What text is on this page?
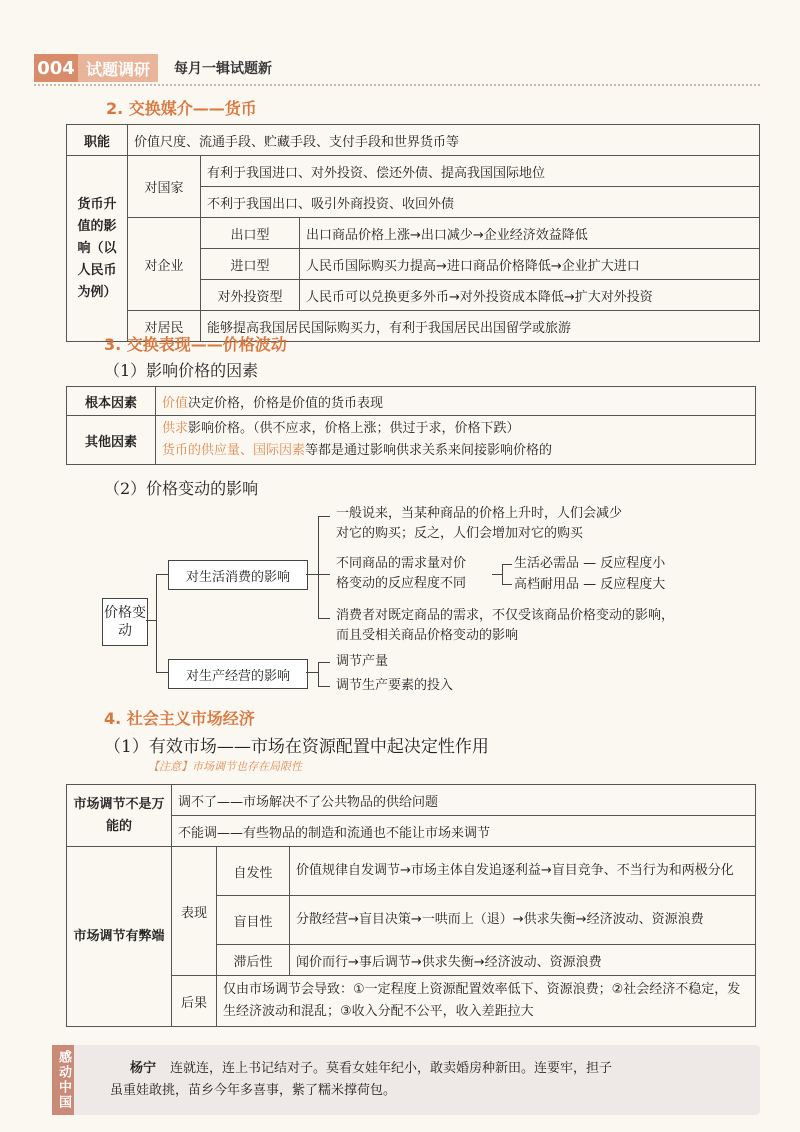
004 试题调研	每月一辑试题新
2. 交换媒介——货币
职能	价值尺度、流通手段、贮藏手段、支付手段和世界货币等		
货币升值的影响（以人民币为例）	对国家	有利于我国进口、对外投资、偿还外债、提高我国国际地位	
		不利于我国出口、吸引外商投资、收回外债	
	对企业	出口型	出口商品价格上涨→出口减少→企业经济效益降低
		进口型	人民币国际购买力提高→进口商品价格降低→企业扩大进口
		对外投资型	人民币可以兑换更多外币→对外投资成本降低→扩大对外投资
	对居民	能够提高我国居民国际购买力，有利于我国居民出国留学或旅游	
3. 交换表现——价格波动
（1）影响价格的因素
根本因素	价值决定价格，价格是价值的货币表现
其他因素	供求影响价格。（供不应求，价格上涨；供过于求，价格下跌）
货币的供应量、国际因素等都是通过影响供求关系来间接影响价格的
（2）价格变动的影响
价格变动
对生活消费的影响
对生产经营的影响
一般说来，当某种商品的价格上升时，人们会减少
对它的购买；反之，人们会增加对它的购买
不同商品的需求量对价
格变动的反应程度不同
生活必需品 — 反应程度小
高档耐用品 — 反应程度大
消费者对既定商品的需求，不仅受该商品价格变动的影响，
而且受相关商品价格变动的影响
调节产量
调节生产要素的投入
4. 社会主义市场经济
（1）有效市场——市场在资源配置中起决定性作用
【注意】市场调节也存在局限性
市场调节不是万能的	调不了——市场解决不了公共物品的供给问题		
	不能调——有些物品的制造和流通也不能让市场来调节		
市场调节有弊端	表现	自发性	价值规律自发调节→市场主体自发追逐利益→盲目竞争、不当行为和两极分化
		盲目性	分散经营→盲目决策→一哄而上（退）→供求失衡→经济波动、资源浪费
		滞后性	闻价而行→事后调节→供求失衡→经济波动、资源浪费
	后果	仅由市场调节会导致：①一定程度上资源配置效率低下、资源浪费；②社会经济不稳定，发生经济波动和混乱；③收入分配不公平，收入差距拉大	
感动中国	杨宁 连就连，连上书记结对子。莫看女娃年纪小，敢卖婚房种新田。连要牢，担子
虽重娃敢挑，苗乡今年多喜事，紫了糯米撑荷包。
